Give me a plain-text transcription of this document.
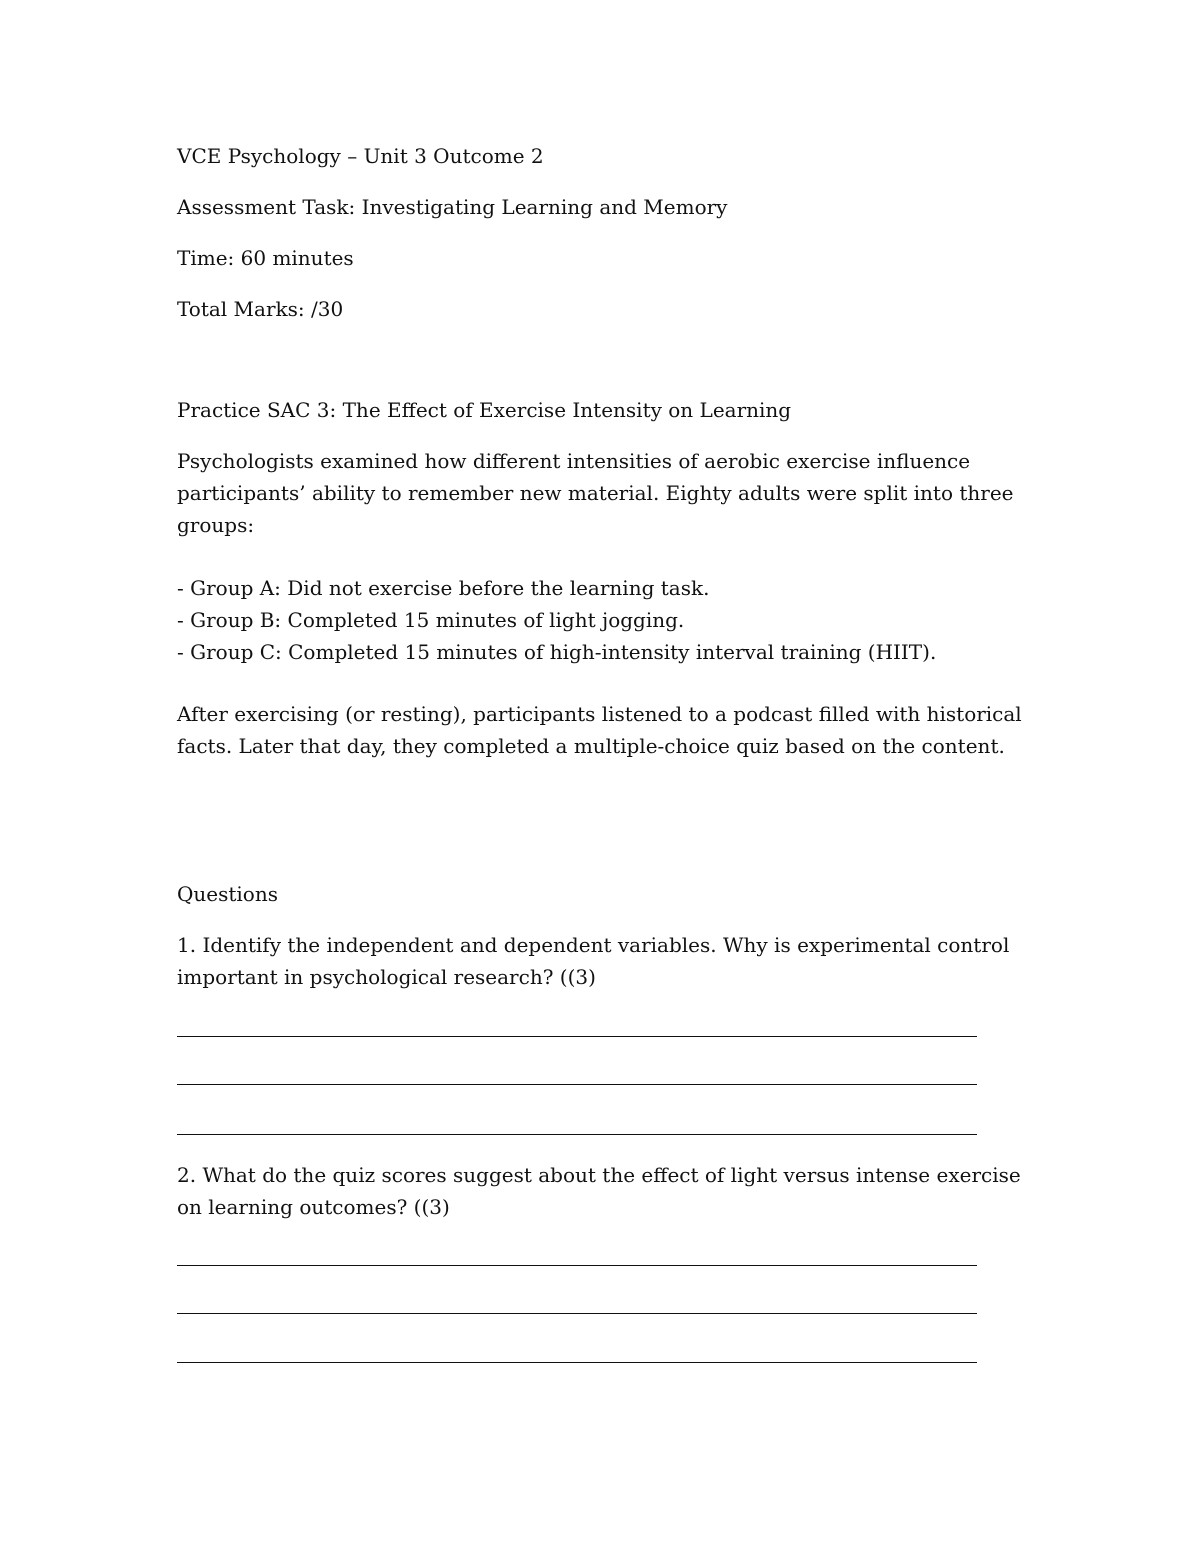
VCE Psychology – Unit 3 Outcome 2

Assessment Task: Investigating Learning and Memory

Time: 60 minutes

Total Marks: /30

Practice SAC 3: The Effect of Exercise Intensity on Learning

Psychologists examined how different intensities of aerobic exercise influence

participants’ ability to remember new material. Eighty adults were split into three

groups:

- Group A: Did not exercise before the learning task.

- Group B: Completed 15 minutes of light jogging.

- Group C: Completed 15 minutes of high-intensity interval training (HIIT).

After exercising (or resting), participants listened to a podcast filled with historical

facts. Later that day, they completed a multiple-choice quiz based on the content.

Questions

1. Identify the independent and dependent variables. Why is experimental control

important in psychological research? ((3)

2. What do the quiz scores suggest about the effect of light versus intense exercise

on learning outcomes? ((3)
